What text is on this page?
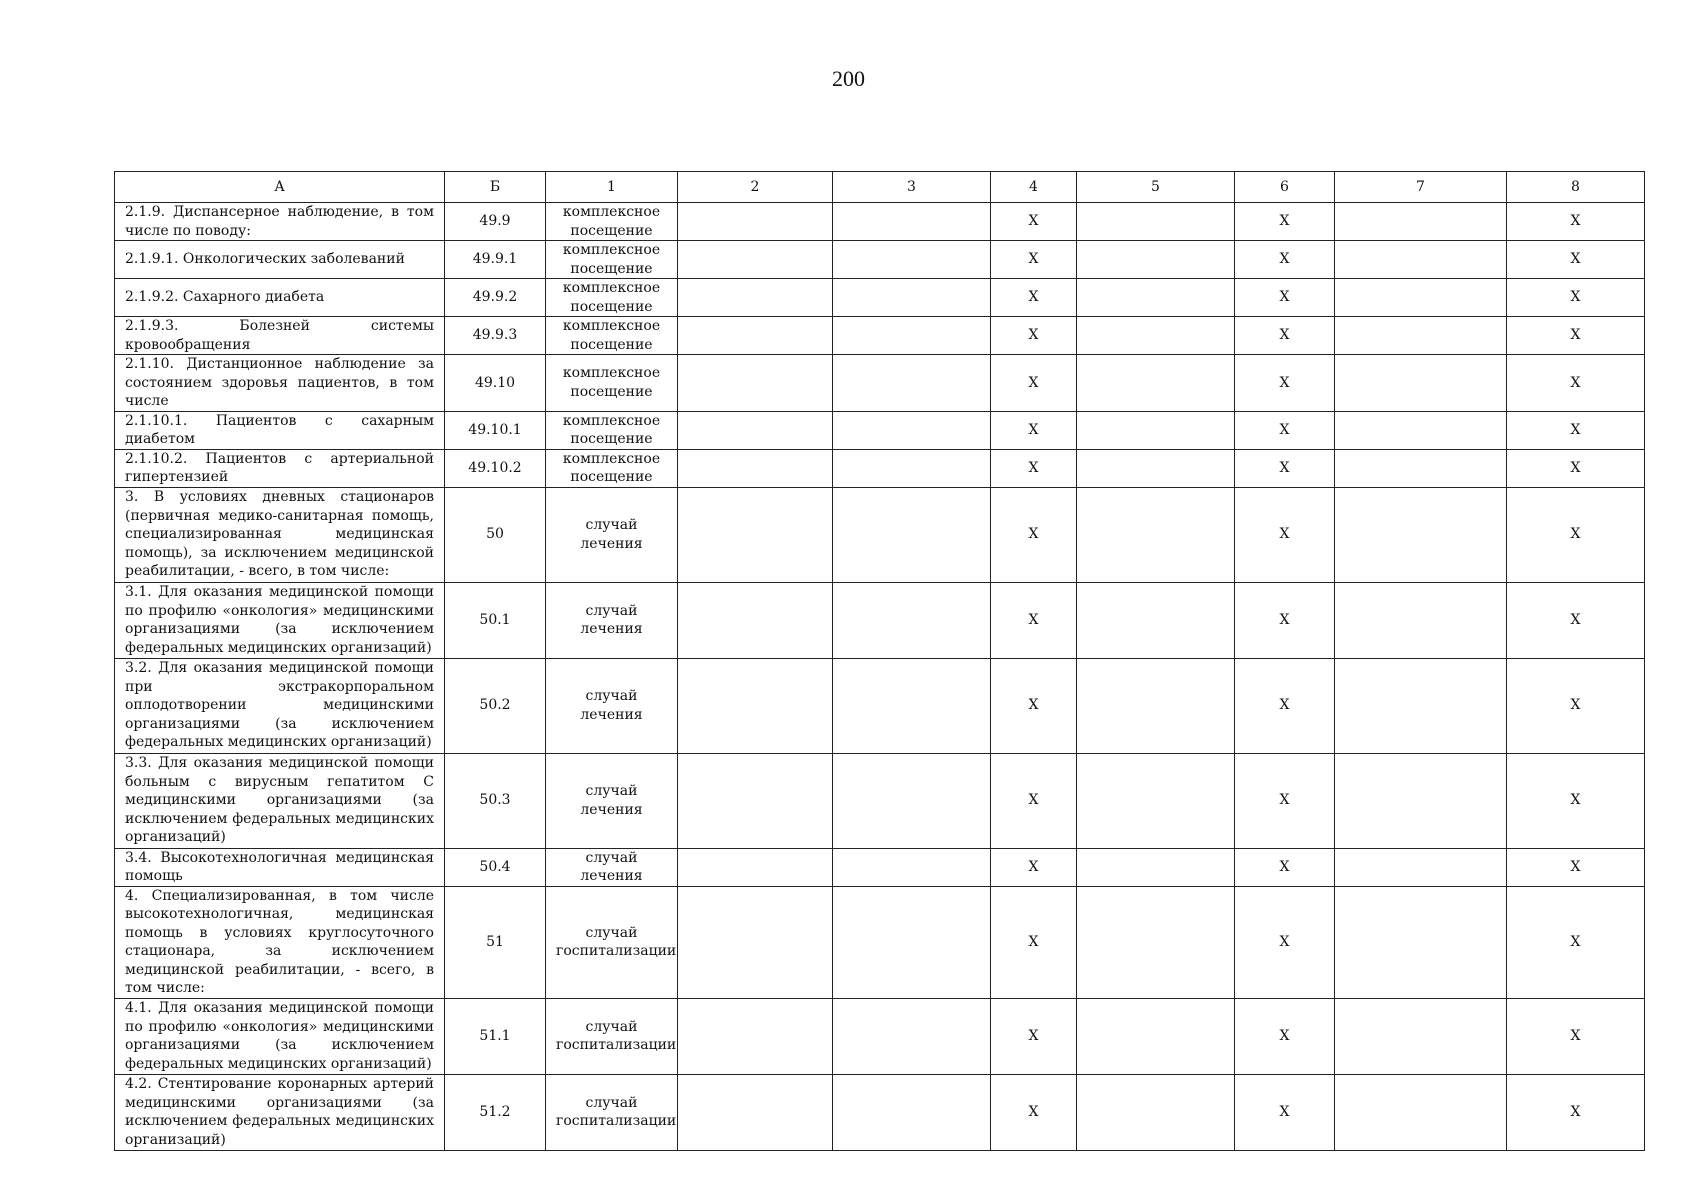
200
А	Б	1	2	3	4	5	6	7	8
2.1.9. Диспансерное наблюдение, в том числе по поводу:	49.9	комплексное посещение			X		X		X
2.1.9.1. Онкологических заболеваний	49.9.1	комплексное посещение			X		X		X
2.1.9.2. Сахарного диабета	49.9.2	комплексное посещение			X		X		X
2.1.9.3. Болезней системы кровообращения	49.9.3	комплексное посещение			X		X		X
2.1.10. Дистанционное наблюдение за состоянием здоровья пациентов, в том числе	49.10	комплексное посещение			X		X		X
2.1.10.1. Пациентов с сахарным диабетом	49.10.1	комплексное посещение			X		X		X
2.1.10.2. Пациентов с артериальной гипертензией	49.10.2	комплексное посещение			X		X		X
3. В условиях дневных стационаров (первичная медико-санитарная помощь, специализированная медицинская помощь), за исключением медицинской реабилитации, - всего, в том числе:	50	случай лечения			X		X		X
3.1. Для оказания медицинской помощи по профилю «онкология» медицинскими организациями (за исключением федеральных медицинских организаций)	50.1	случай лечения			X		X		X
3.2. Для оказания медицинской помощи при экстракорпоральном оплодотворении медицинскими организациями (за исключением федеральных медицинских организаций)	50.2	случай лечения			X		X		X
3.3. Для оказания медицинской помощи больным с вирусным гепатитом С медицинскими организациями (за исключением федеральных медицинских организаций)	50.3	случай лечения			X		X		X
3.4. Высокотехнологичная медицинская помощь	50.4	случай лечения			X		X		X
4. Специализированная, в том числе высокотехнологичная, медицинская помощь в условиях круглосуточного стационара, за исключением медицинской реабилитации, - всего, в том числе:	51	случай госпитализации			X		X		X
4.1. Для оказания медицинской помощи по профилю «онкология» медицинскими организациями (за исключением федеральных медицинских организаций)	51.1	случай госпитализации			X		X		X
4.2. Стентирование коронарных артерий медицинскими организациями (за исключением федеральных медицинских организаций)	51.2	случай госпитализации			X		X		X
